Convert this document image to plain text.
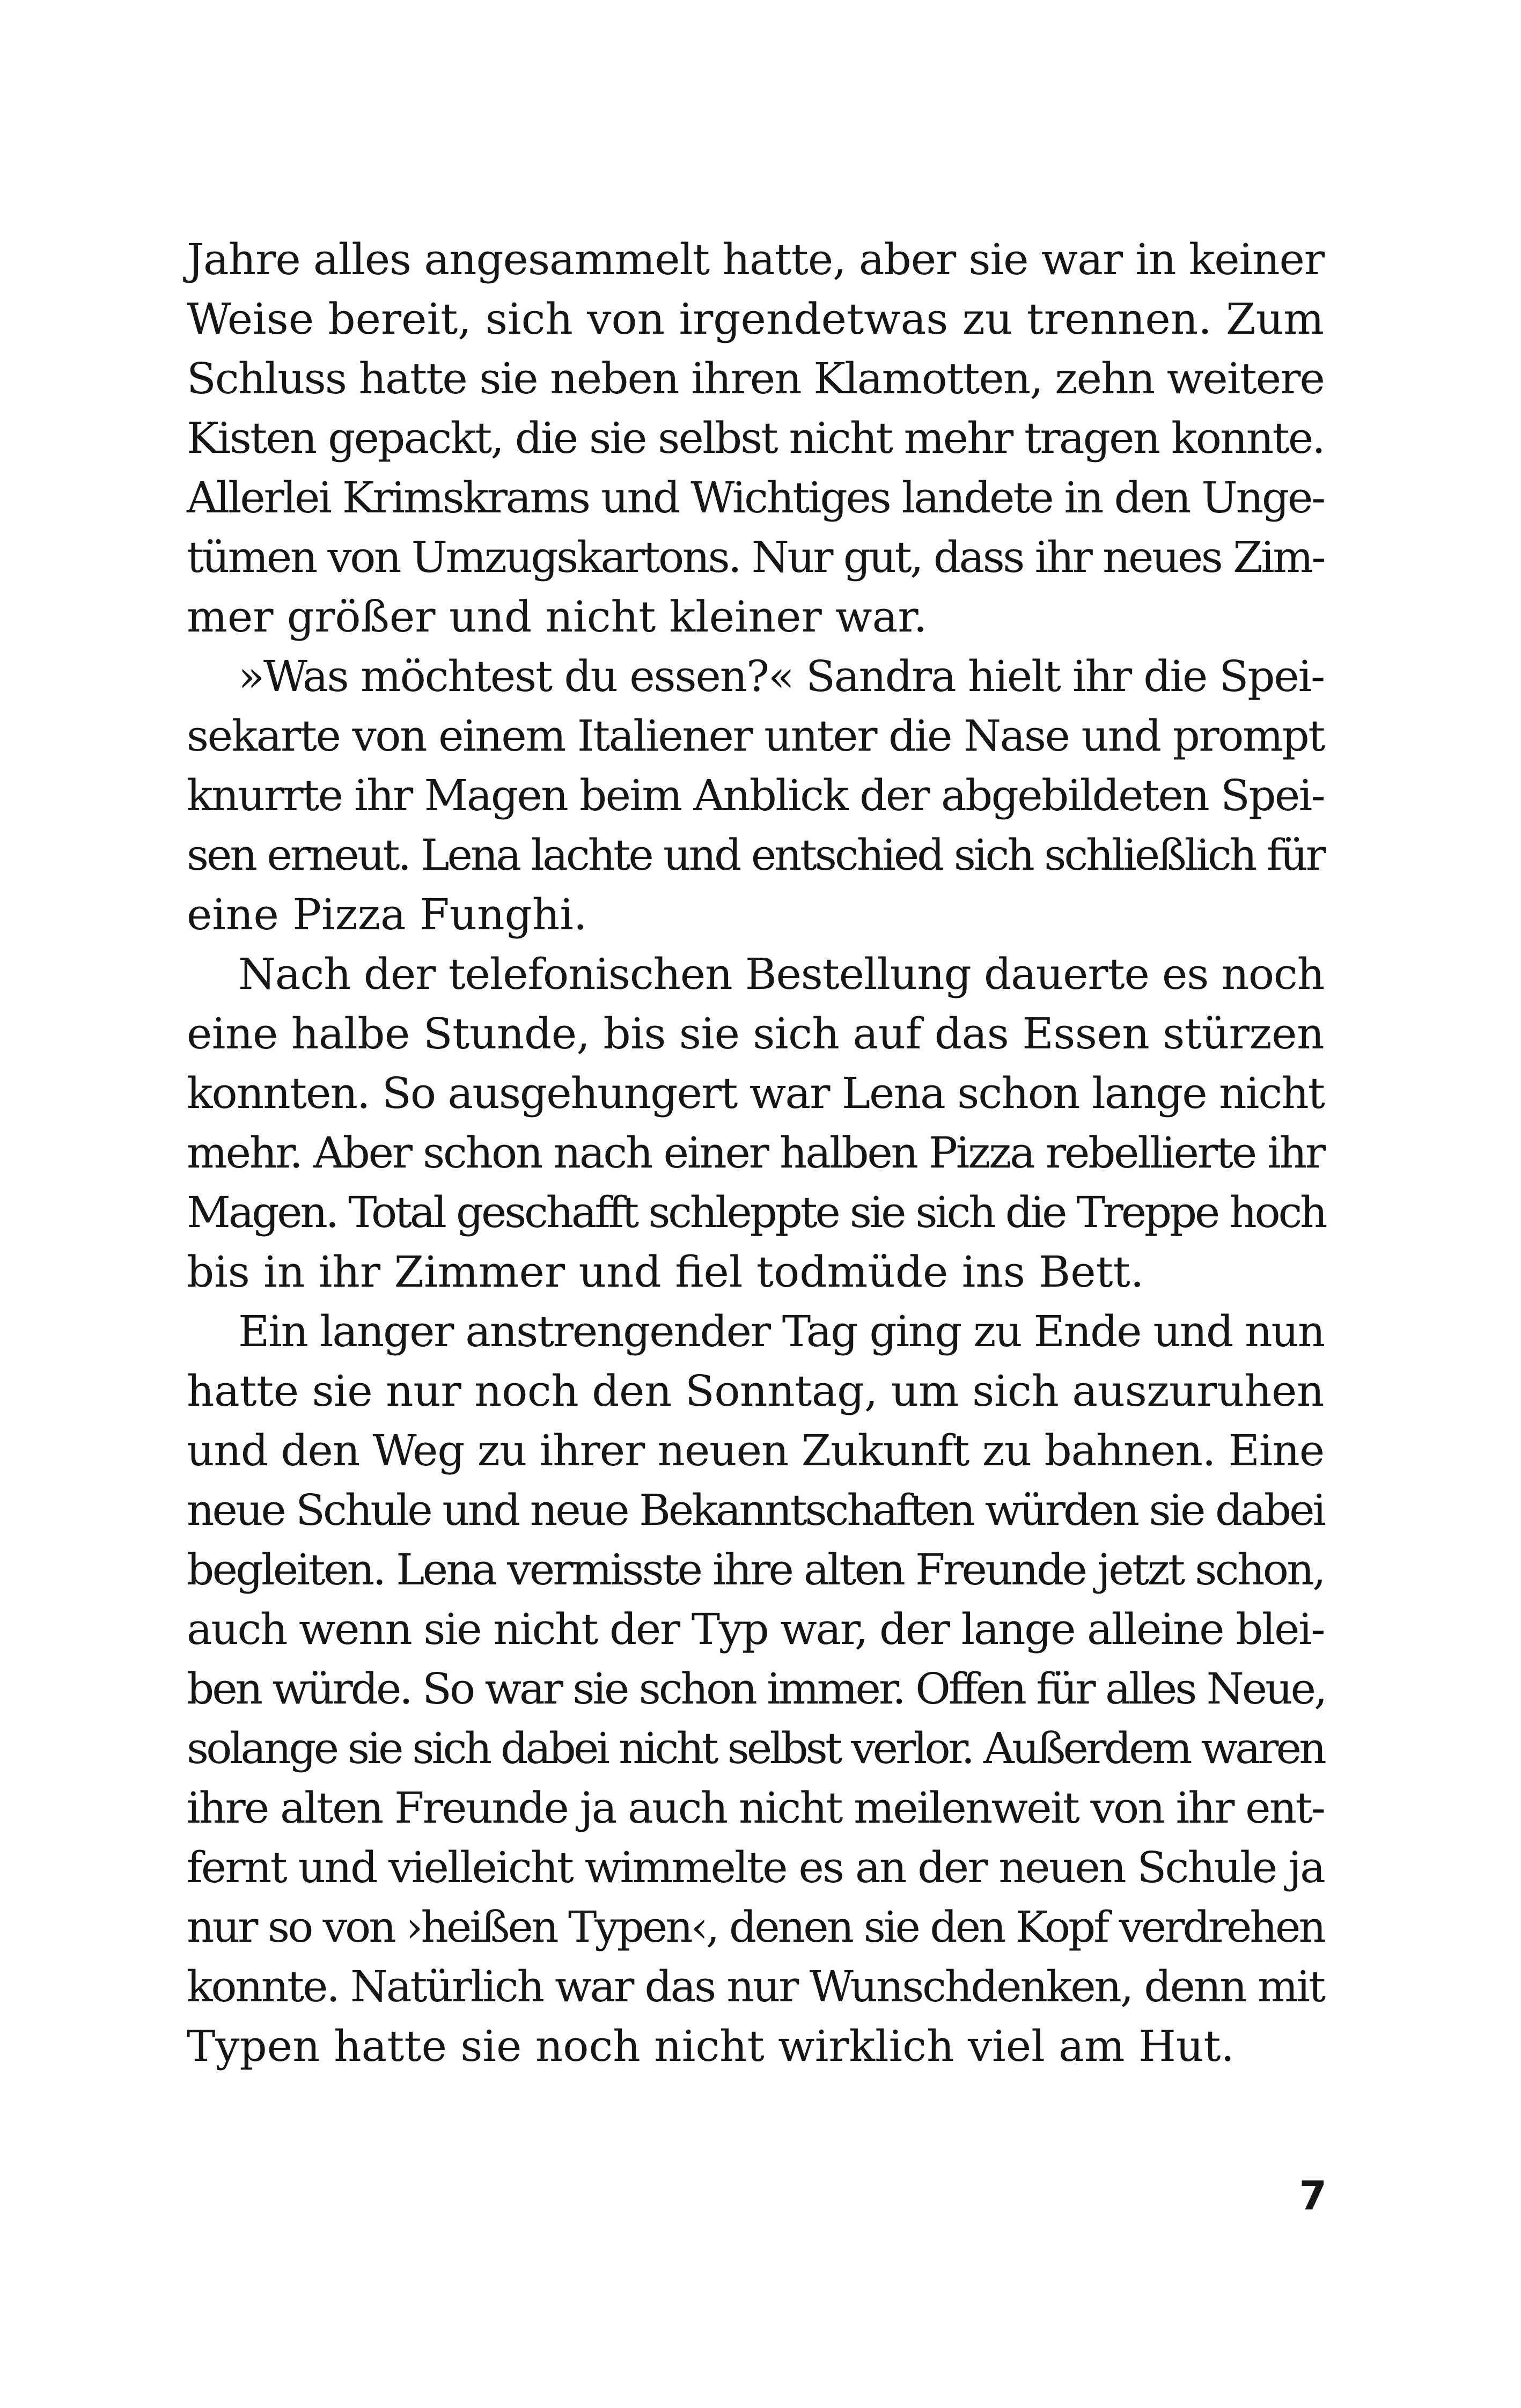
Jahre alles angesammelt hatte, aber sie war in keiner
Weise bereit, sich von irgendetwas zu trennen. Zum
Schluss hatte sie neben ihren Klamotten, zehn weitere
Kisten gepackt, die sie selbst nicht mehr tragen konnte.
Allerlei Krimskrams und Wichtiges landete in den Unge-
tümen von Umzugskartons. Nur gut, dass ihr neues Zim-
mer größer und nicht kleiner war.
»Was möchtest du essen?« Sandra hielt ihr die Spei-
sekarte von einem Italiener unter die Nase und prompt
knurrte ihr Magen beim Anblick der abgebildeten Spei-
sen erneut. Lena lachte und entschied sich schließlich für
eine Pizza Funghi.
Nach der telefonischen Bestellung dauerte es noch
eine halbe Stunde, bis sie sich auf das Essen stürzen
konnten. So ausgehungert war Lena schon lange nicht
mehr. Aber schon nach einer halben Pizza rebellierte ihr
Magen. Total geschafft schleppte sie sich die Treppe hoch
bis in ihr Zimmer und fiel todmüde ins Bett.
Ein langer anstrengender Tag ging zu Ende und nun
hatte sie nur noch den Sonntag, um sich auszuruhen
und den Weg zu ihrer neuen Zukunft zu bahnen. Eine
neue Schule und neue Bekanntschaften würden sie dabei
begleiten. Lena vermisste ihre alten Freunde jetzt schon,
auch wenn sie nicht der Typ war, der lange alleine blei-
ben würde. So war sie schon immer. Offen für alles Neue,
solange sie sich dabei nicht selbst verlor. Außerdem waren
ihre alten Freunde ja auch nicht meilenweit von ihr ent-
fernt und vielleicht wimmelte es an der neuen Schule ja
nur so von ›heißen Typen‹, denen sie den Kopf verdrehen
konnte. Natürlich war das nur Wunschdenken, denn mit
Typen hatte sie noch nicht wirklich viel am Hut.
7
